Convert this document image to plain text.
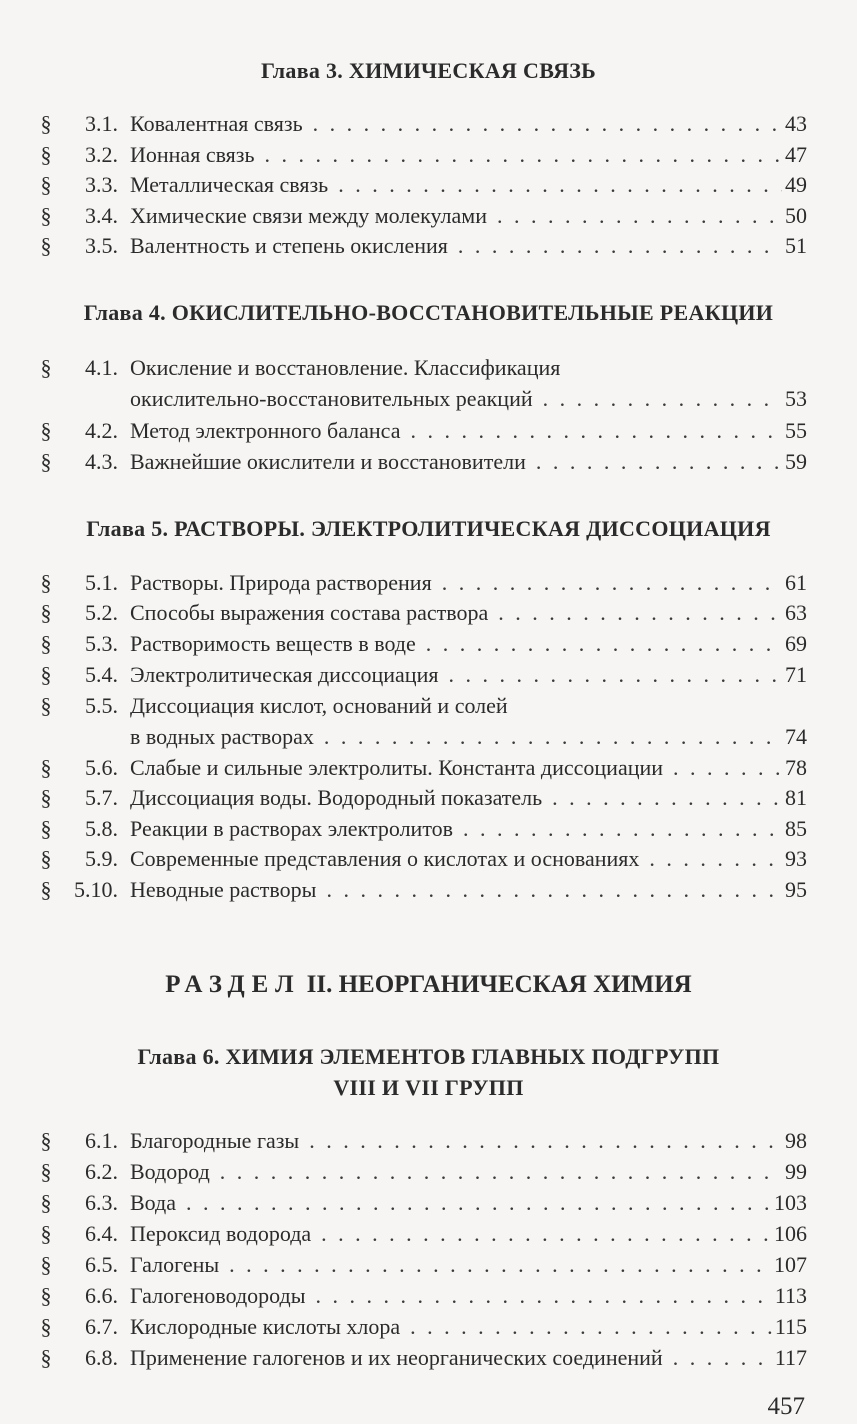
Глава 3. ХИМИЧЕСКАЯ СВЯЗЬ
§	3.1. Ковалентная связь . . .	43
§	3.2. Ионная связь . . .	47
§	3.3. Металлическая связь . . .	49
§	3.4. Химические связи между молекулами . . .	50
§	3.5. Валентность и степень окисления . . .	51
Глава 4. ОКИСЛИТЕЛЬНО-ВОССТАНОВИТЕЛЬНЫЕ РЕАКЦИИ
§	4.1. Окисление и восстановление. Классификация
окислительно-восстановительных реакций . . .	53
§	4.2. Метод электронного баланса . . .	55
§	4.3. Важнейшие окислители и восстановители . . .	59
Глава 5. РАСТВОРЫ. ЭЛЕКТРОЛИТИЧЕСКАЯ ДИССОЦИАЦИЯ
§	5.1. Растворы. Природа растворения . . .	61
§	5.2. Способы выражения состава раствора . . .	63
§	5.3. Растворимость веществ в воде . . .	69
§	5.4. Электролитическая диссоциация . . .	71
§	5.5. Диссоциация кислот, оснований и солей
в водных растворах . . .	74
§	5.6. Слабые и сильные электролиты. Константа диссоциации . . .	78
§	5.7. Диссоциация воды. Водородный показатель . . .	81
§	5.8. Реакции в растворах электролитов . . .	85
§	5.9. Современные представления о кислотах и основаниях . . .	93
§	5.10. Неводные растворы . . .	95
РАЗДЕЛ II. НЕОРГАНИЧЕСКАЯ ХИМИЯ
Глава 6. ХИМИЯ ЭЛЕМЕНТОВ ГЛАВНЫХ ПОДГРУПП
VIII И VII ГРУПП
§	6.1. Благородные газы . . .	98
§	6.2. Водород . . .	99
§	6.3. Вода . . .	103
§	6.4. Пероксид водорода . . .	106
§	6.5. Галогены . . .	107
§	6.6. Галогеноводороды . . .	113
§	6.7. Кислородные кислоты хлора . . .	115
§	6.8. Применение галогенов и их неорганических соединений . . .	117
457
